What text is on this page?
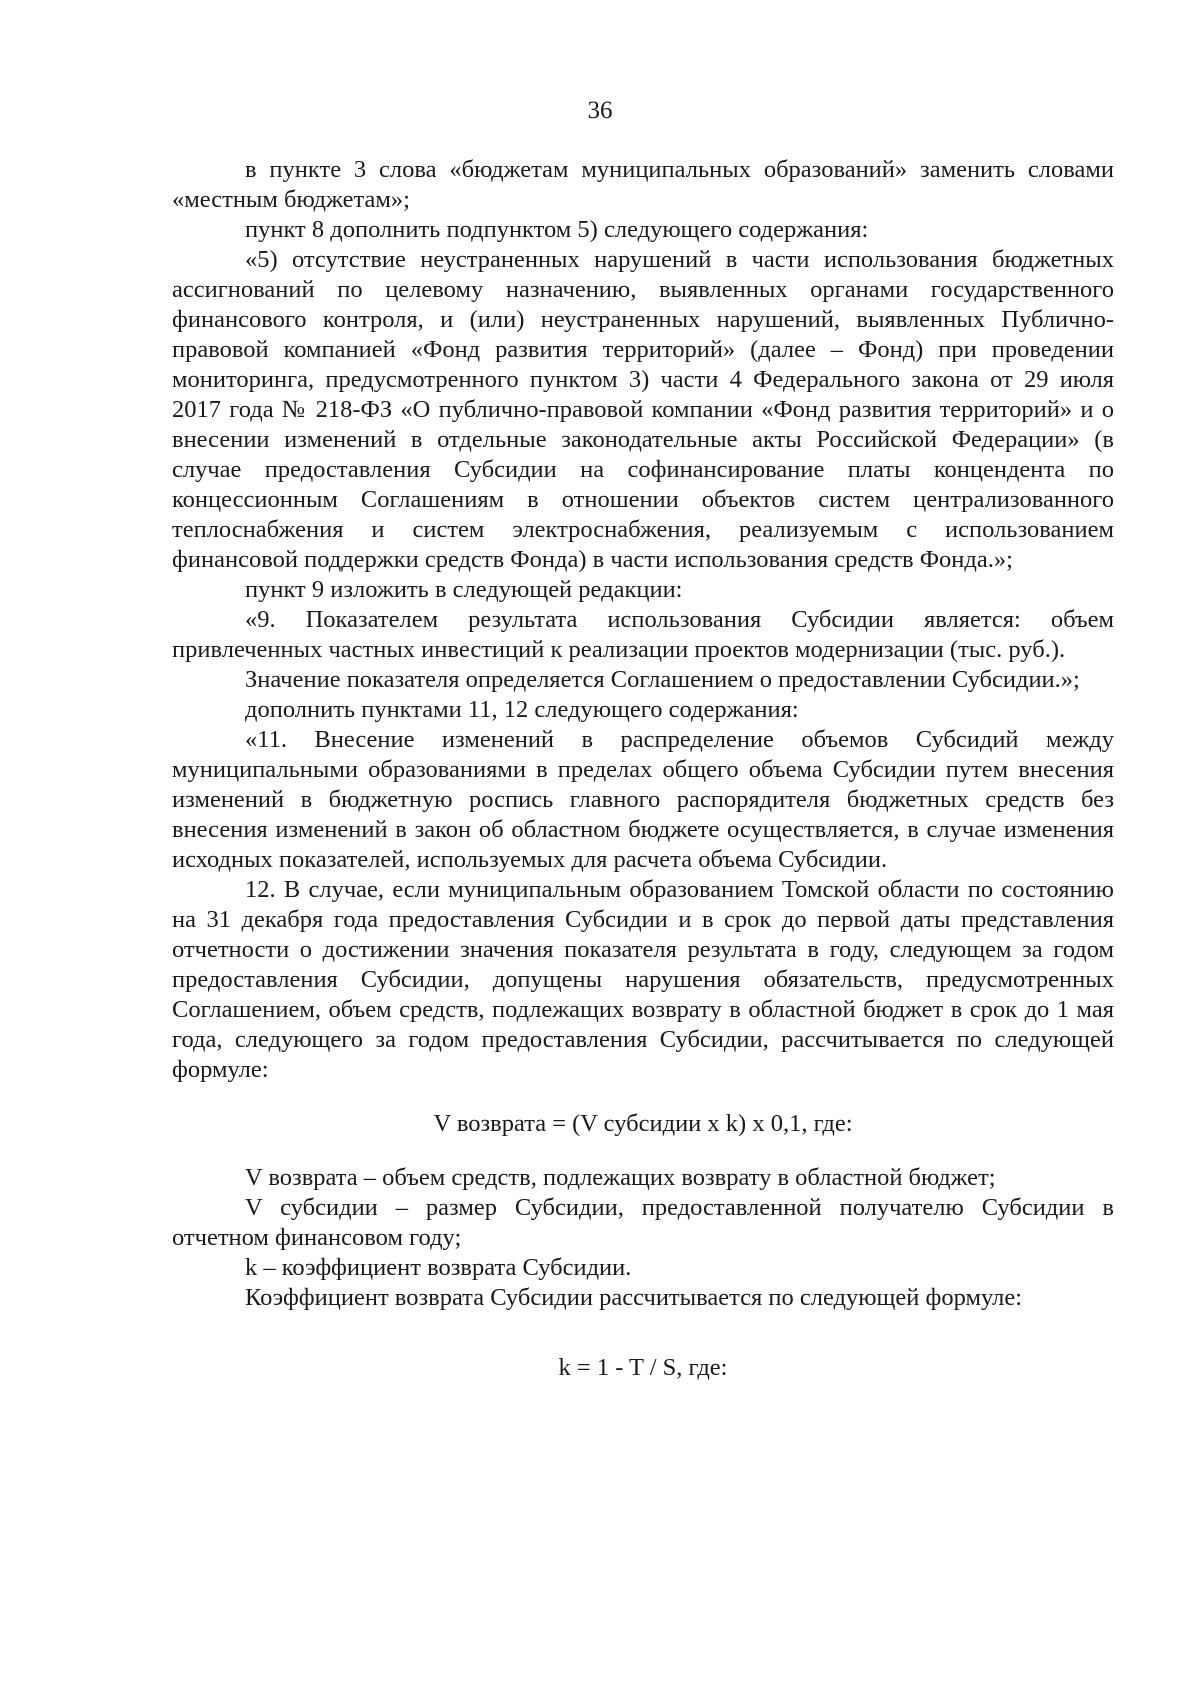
36

в пункте 3 слова «бюджетам муниципальных образований» заменить словами «местным бюджетам»;

пункт 8 дополнить подпунктом 5) следующего содержания:

«5) отсутствие неустраненных нарушений в части использования бюджетных ассигнований по целевому назначению, выявленных органами государственного финансового контроля, и (или) неустраненных нарушений, выявленных Публично-правовой компанией «Фонд развития территорий» (далее – Фонд) при проведении мониторинга, предусмотренного пунктом 3) части 4 Федерального закона от 29 июля 2017 года № 218-ФЗ «О публично-правовой компании «Фонд развития территорий» и о внесении изменений в отдельные законодательные акты Российской Федерации» (в случае предоставления Субсидии на софинансирование платы концендента по концессионным Соглашениям в отношении объектов систем централизованного теплоснабжения и систем электроснабжения, реализуемым с использованием финансовой поддержки средств Фонда) в части использования средств Фонда.»;

пункт 9 изложить в следующей редакции:

«9. Показателем результата использования Субсидии является: объем привлеченных частных инвестиций к реализации проектов модернизации (тыс. руб.).

Значение показателя определяется Соглашением о предоставлении Субсидии.»;

дополнить пунктами 11, 12 следующего содержания:

«11. Внесение изменений в распределение объемов Субсидий между муниципальными образованиями в пределах общего объема Субсидии путем внесения изменений в бюджетную роспись главного распорядителя бюджетных средств без внесения изменений в закон об областном бюджете осуществляется, в случае изменения исходных показателей, используемых для расчета объема Субсидии.

12. В случае, если муниципальным образованием Томской области по состоянию на 31 декабря года предоставления Субсидии и в срок до первой даты представления отчетности о достижении значения показателя результата в году, следующем за годом предоставления Субсидии, допущены нарушения обязательств, предусмотренных Соглашением, объем средств, подлежащих возврату в областной бюджет в срок до 1 мая года, следующего за годом предоставления Субсидии, рассчитывается по следующей формуле:

V возврата = (V субсидии x k) x 0,1, где:

V возврата – объем средств, подлежащих возврату в областной бюджет;

V субсидии – размер Субсидии, предоставленной получателю Субсидии в отчетном финансовом году;

k – коэффициент возврата Субсидии.

Коэффициент возврата Субсидии рассчитывается по следующей формуле:

k = 1 - T / S, где:
